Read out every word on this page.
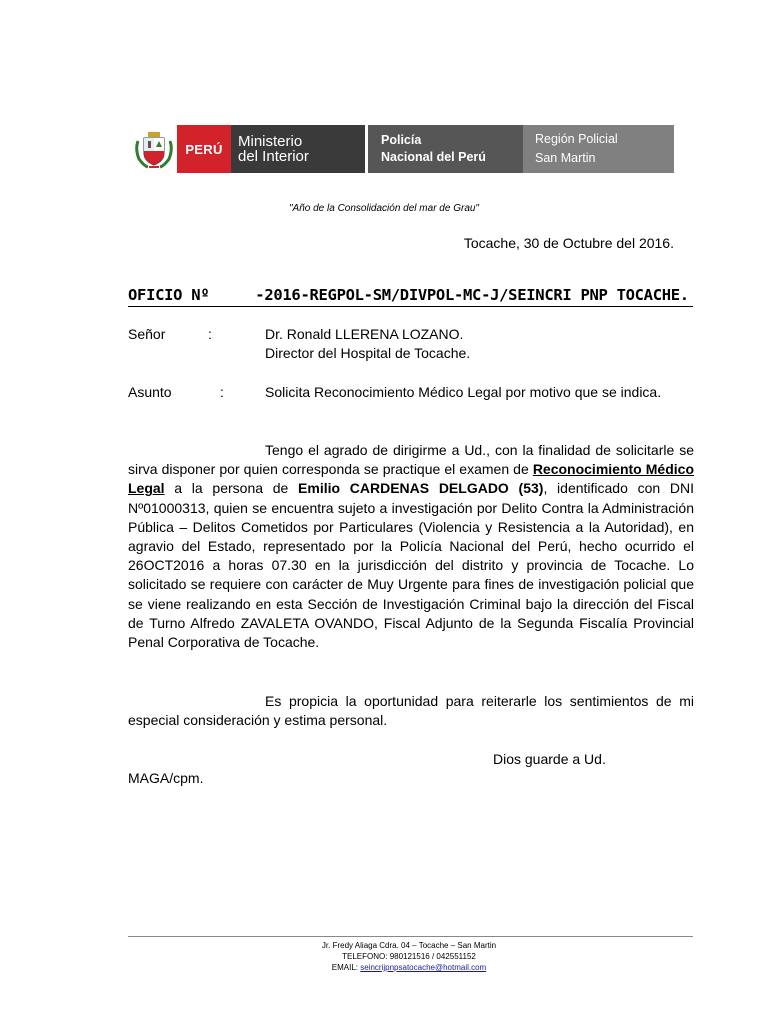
PERÚ	Ministerio
del Interior
Policía
Nacional del Perú
Región Policial
San Martin
"Año de la Consolidación del mar de Grau"
Tocache, 30 de Octubre del 2016.
OFICIO Nº	-2016-REGPOL-SM/DIVPOL-MC-J/SEINCRI PNP TOCACHE.
Señor	:	Dr. Ronald LLERENA LOZANO.
Director del Hospital de Tocache.
Asunto	:	Solicita Reconocimiento Médico Legal por motivo que se indica.
Tengo el agrado de dirigirme a Ud., con la finalidad de solicitarle se sirva disponer por quien corresponda se practique el examen de Reconocimiento Médico Legal a la persona de Emilio CARDENAS DELGADO (53), identificado con DNI Nº01000313, quien se encuentra sujeto a investigación por Delito Contra la Administración Pública – Delitos Cometidos por Particulares (Violencia y Resistencia a la Autoridad), en agravio del Estado, representado por la Policía Nacional del Perú, hecho ocurrido el 26OCT2016 a horas 07.30 en la jurisdicción del distrito y provincia de Tocache. Lo solicitado se requiere con carácter de Muy Urgente para fines de investigación policial que se viene realizando en esta Sección de Investigación Criminal bajo la dirección del Fiscal de Turno Alfredo ZAVALETA OVANDO, Fiscal Adjunto de la Segunda Fiscalía Provincial Penal Corporativa de Tocache.
Es propicia la oportunidad para reiterarle los sentimientos de mi especial consideración y estima personal.
Dios guarde a Ud.
MAGA/cpm.
Jr. Fredy Aliaga Cdra. 04 – Tocache – San Martin
TELEFONO: 980121516 / 042551152
EMAIL: seincrijpnpsatocache@hotmail.com
